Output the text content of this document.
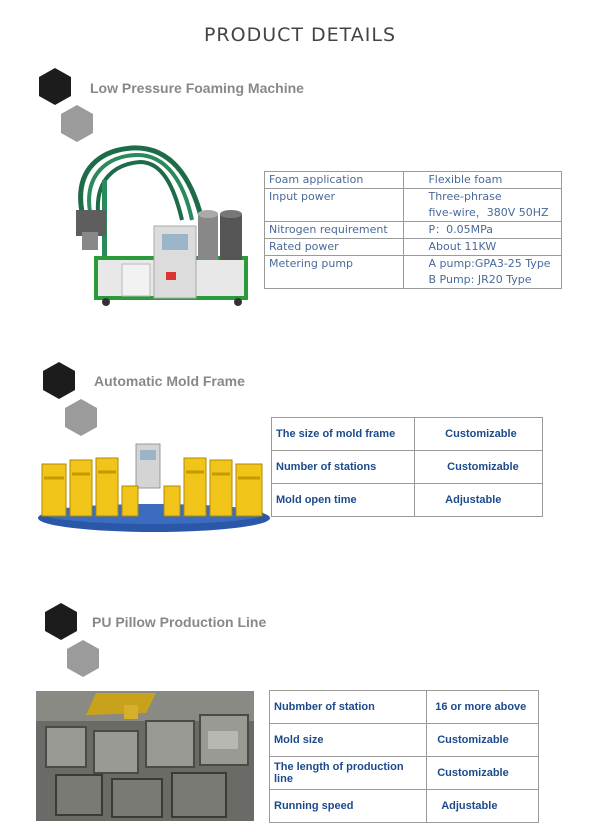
PRODUCT DETAILS
Low Pressure Foaming Machine
Foam application	Flexible foam

Input power	Three-phrase
five-wire，380V 50HZ

Nitrogen requirement	P：0.05MPa

Rated power	About 11KW

Metering pump	A pump:GPA3-25 Type
B Pump: JR20 Type
Automatic Mold Frame
The size of mold frame	Customizable
Number of stations	Customizable
Mold open time	Adjustable
PU Pillow Production Line
Nubmber of station	16 or more above
Mold size	Customizable
The length of production line	Customizable
Running speed	Adjustable
